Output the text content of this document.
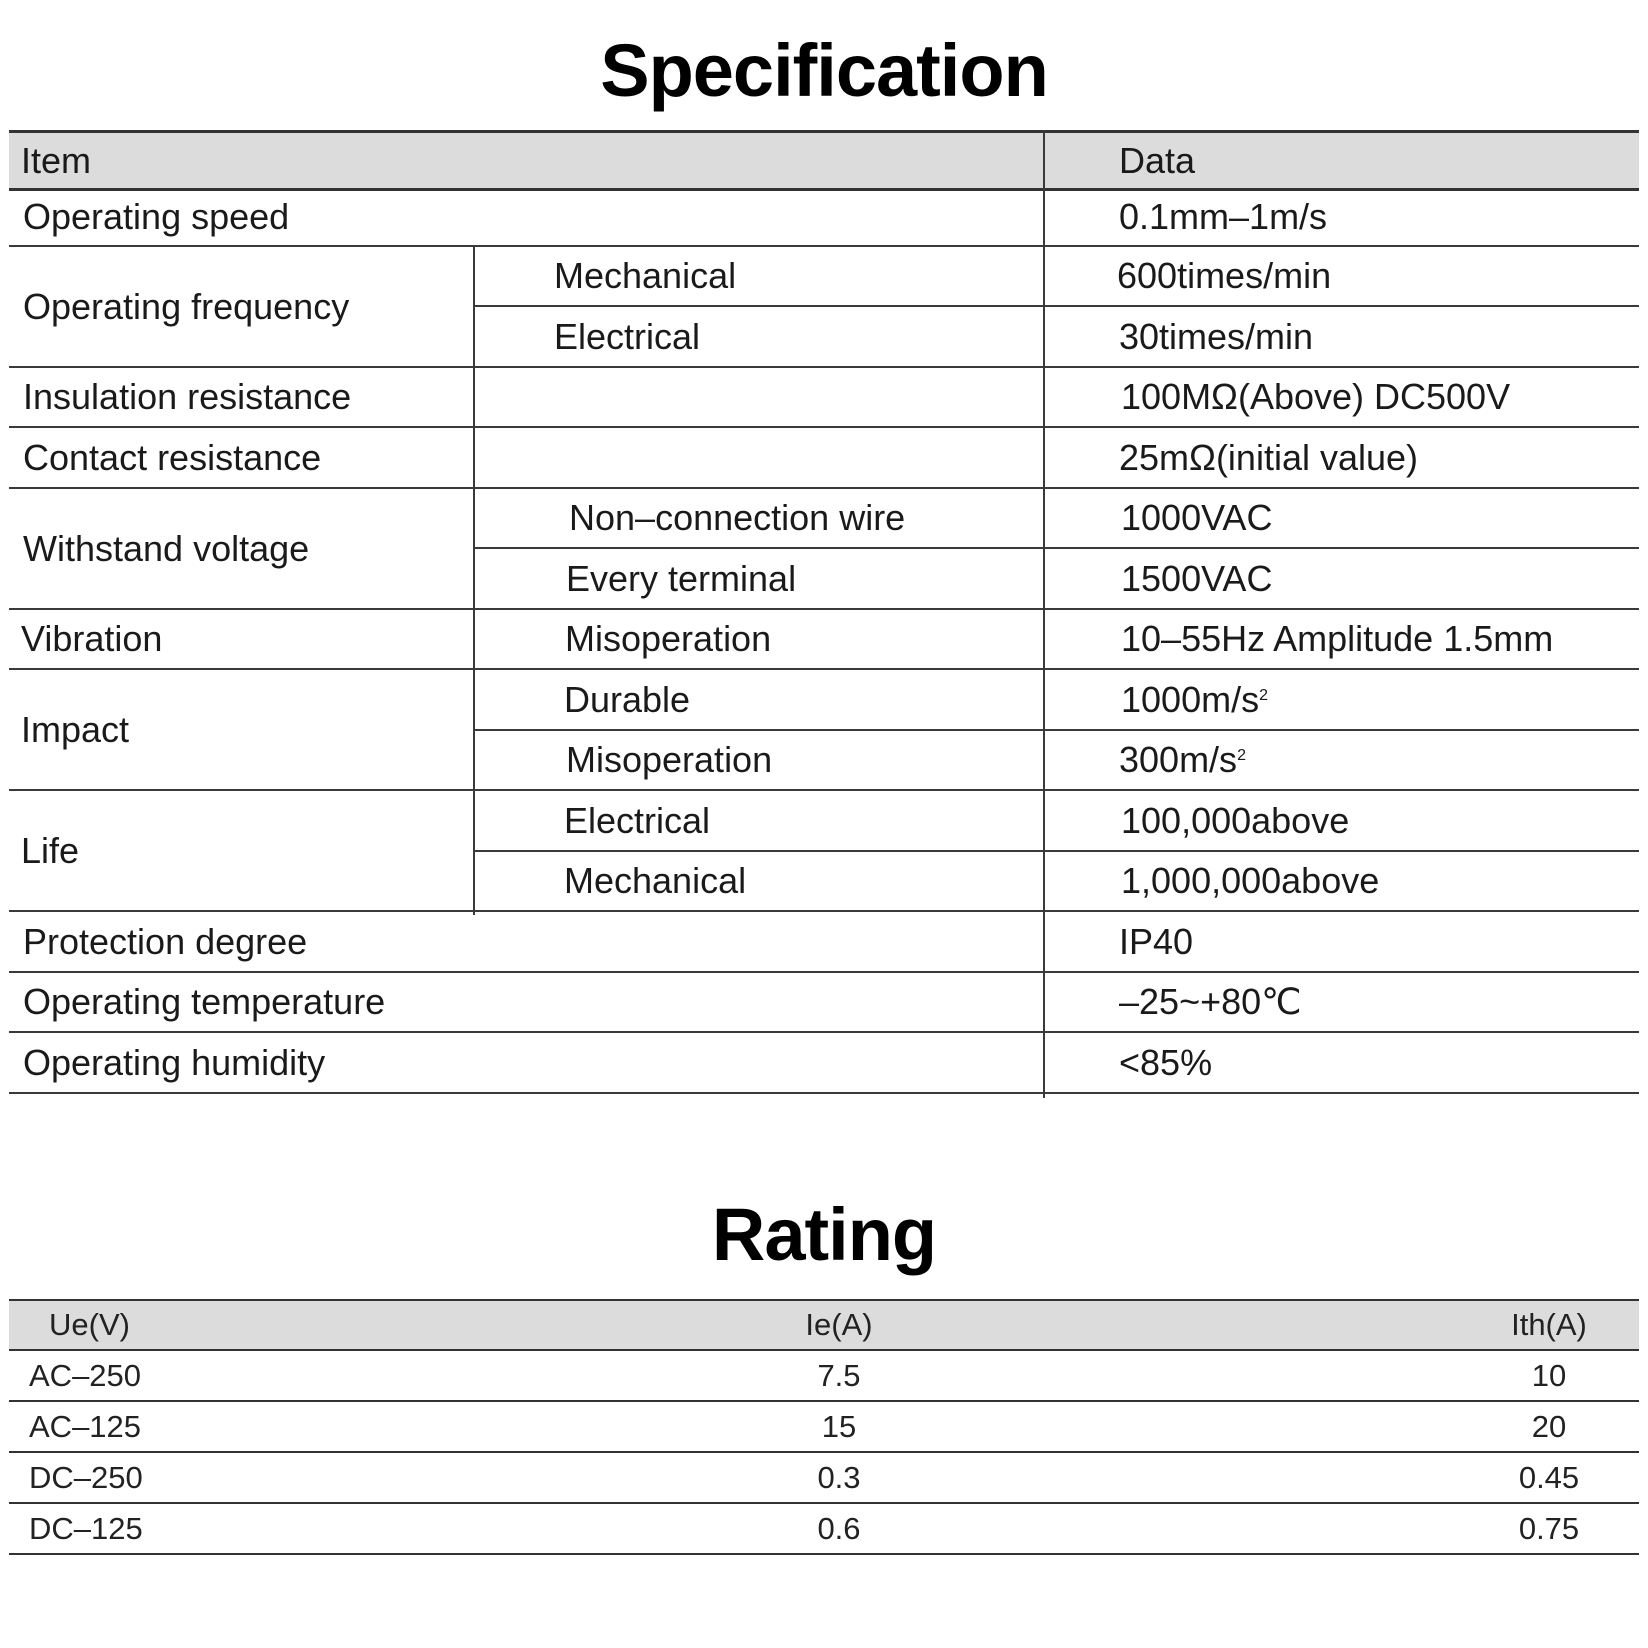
Specification
Item	Data
Operating speed	0.1mm–1m/s
Operating frequency
Mechanical	600times/min
Electrical	30times/min
Insulation resistance	100MΩ(Above) DC500V
Contact resistance	25mΩ(initial value)
Withstand voltage
Non–connection wire	1000VAC
Every terminal	1500VAC
Vibration	Misoperation	10–55Hz Amplitude 1.5mm
Impact
Durable	$1000m/s^2$
Misoperation	$300m/s^2$
Life
Electrical	100,000above
Mechanical	1,000,000above
Protection degree	IP40
Operating temperature	–25~+80℃
Operating humidity	<85%
Rating
Ue(V)	Ie(A)	Ith(A)
AC–250	7.5	10
AC–125	15	20
DC–250	0.3	0.45
DC–125	0.6	0.75
